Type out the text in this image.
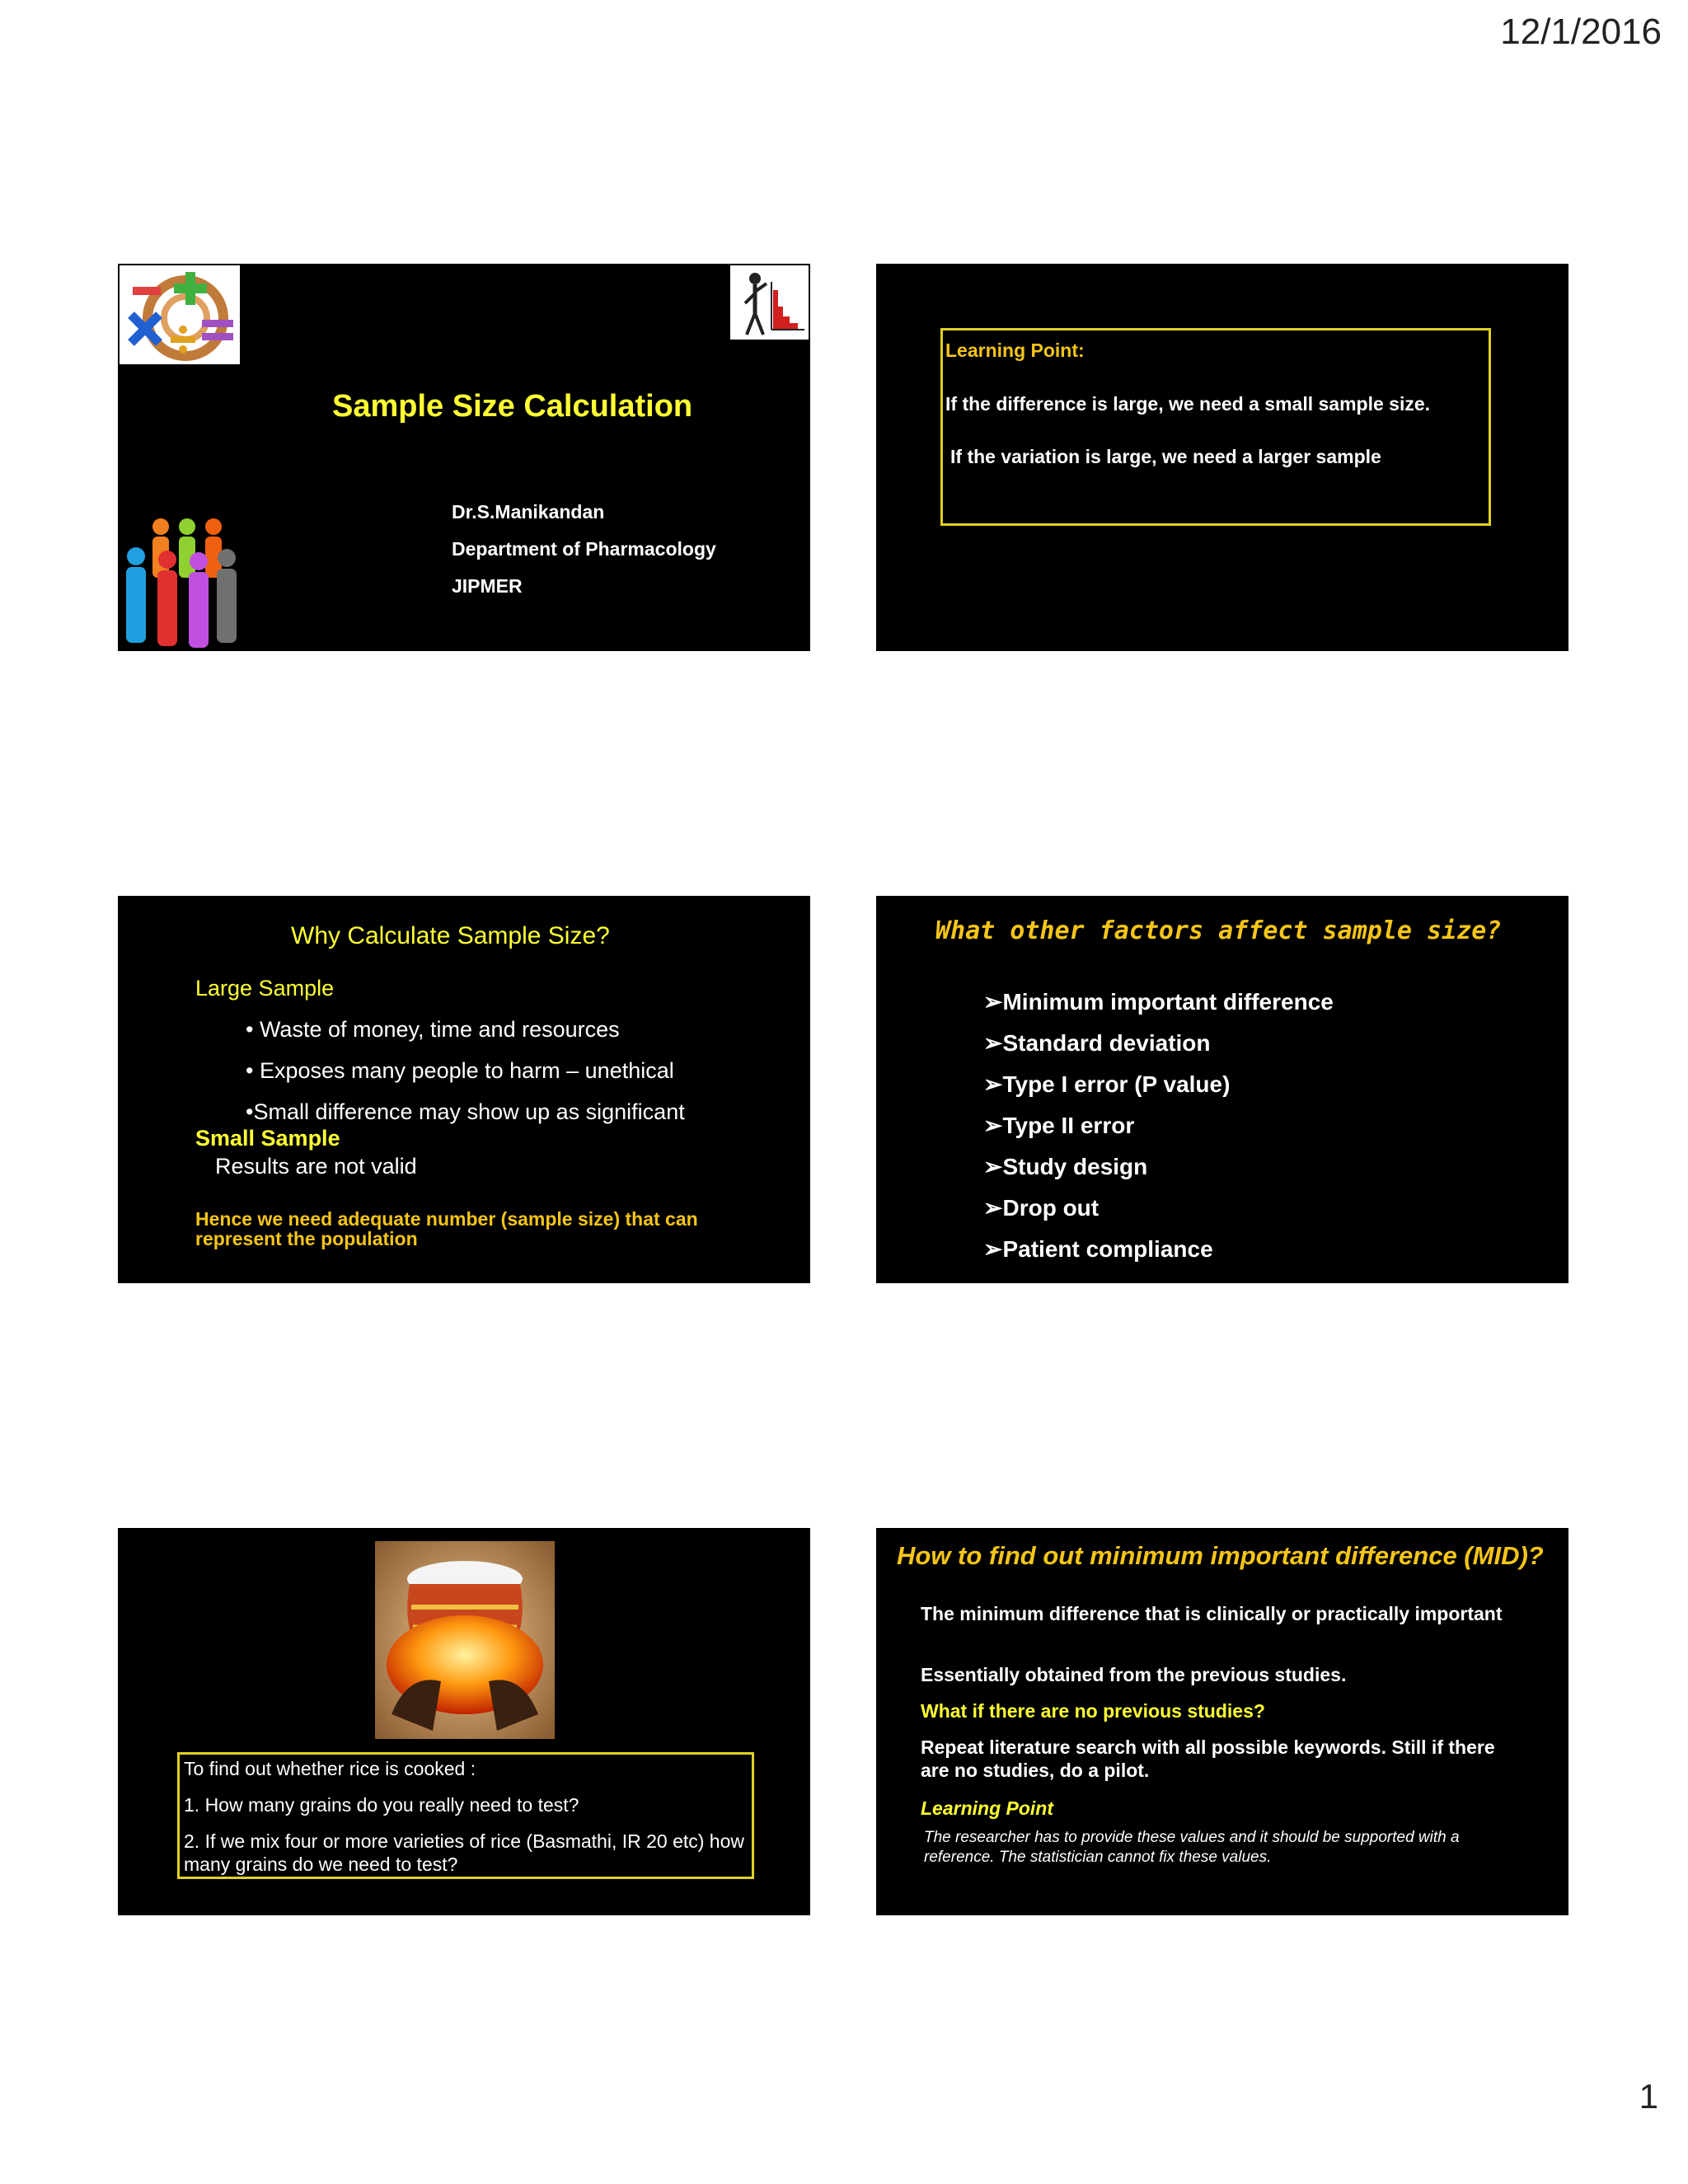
12/1/2016
Sample Size Calculation
Dr.S.Manikandan
Department of Pharmacology
JIPMER
Learning Point:
If the difference is large, we need a small sample size.
If the variation is large, we need a larger sample
Why Calculate Sample Size?
Large Sample
• Waste of money, time and resources
• Exposes many people to harm – unethical
•Small difference may show up as significant
Small Sample
Results are not valid
Hence we need adequate number (sample size) that can represent the population
What other factors affect sample size?
➢Minimum important difference
➢Standard deviation
➢Type I error (P value)
➢Type II error
➢Study design
➢Drop out
➢Patient compliance
To find out whether rice is cooked :
1. How many grains do you really need to test?
2. If we mix four or more varieties of rice (Basmathi, IR 20 etc) how many grains do we need to test?
How to find out minimum important difference (MID)?
The minimum difference that is clinically or practically important
Essentially obtained from the previous studies.
What if there are no previous studies?
Repeat literature search with all possible keywords. Still if there are no studies, do a pilot.
Learning Point
The researcher has to provide these values and it should be supported with a reference. The statistician cannot fix these values.
1
